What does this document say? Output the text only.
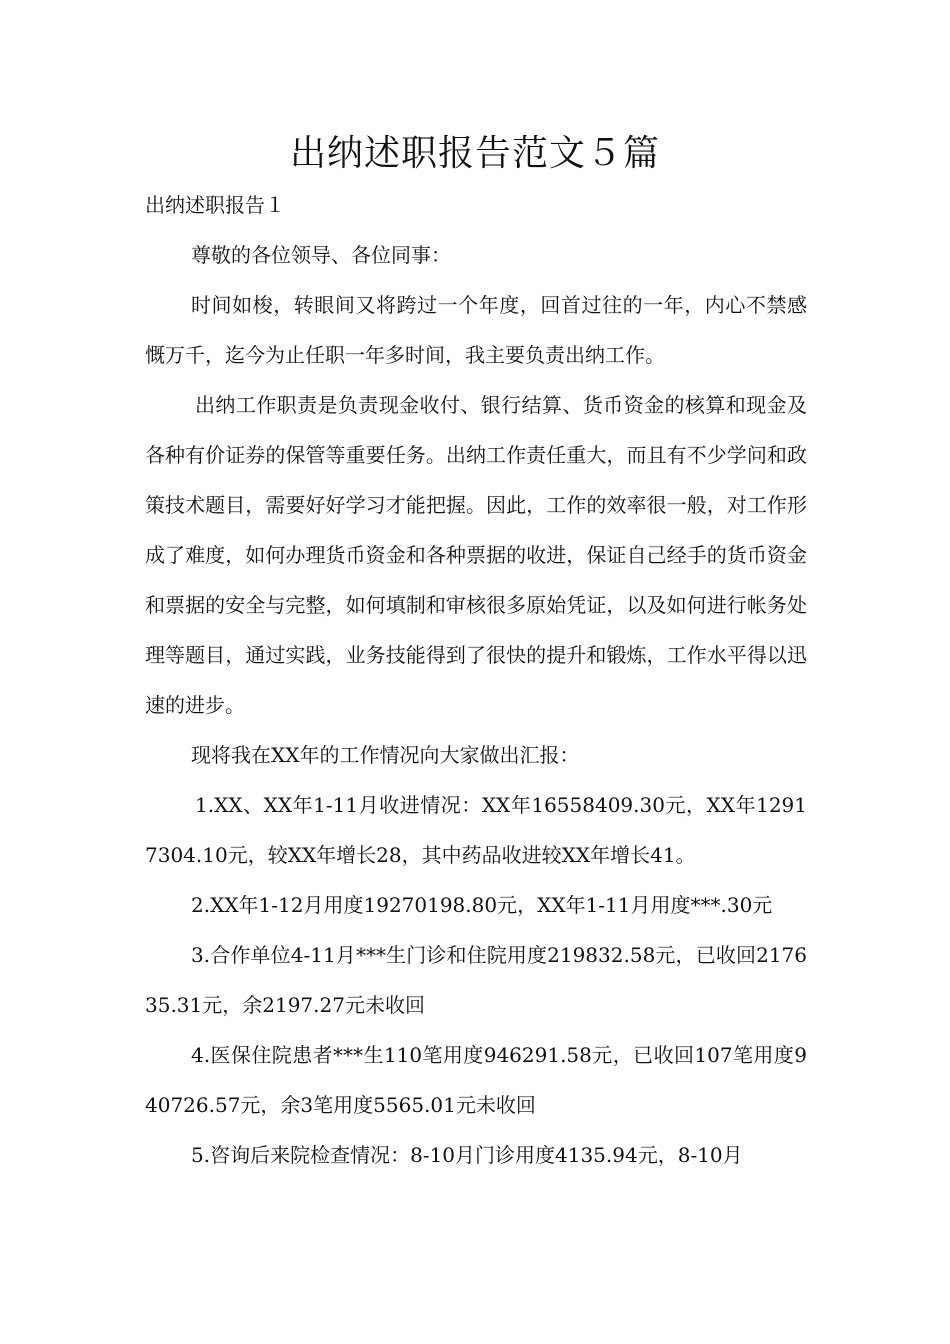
出纳述职报告范文５篇

出纳述职报告１

尊敬的各位领导、各位同事：

时间如梭，转眼间又将跨过一个年度，回首过往的一年，内心不禁感慨万千，迄今为止任职一年多时间，我主要负责出纳工作。

出纳工作职责是负责现金收付、银行结算、货币资金的核算和现金及各种有价证券的保管等重要任务。出纳工作责任重大，而且有不少学问和政策技术题目，需要好好学习才能把握。因此，工作的效率很一般，对工作形成了难度，如何办理货币资金和各种票据的收进，保证自己经手的货币资金和票据的安全与完整，如何填制和审核很多原始凭证，以及如何进行帐务处理等题目，通过实践，业务技能得到了很快的提升和锻炼，工作水平得以迅速的进步。

现将我在XX年的工作情况向大家做出汇报：

1.XX、XX年1-11月收进情况：XX年16558409.30元，XX年12917304.10元，较XX年增长28，其中药品收进较XX年增长41。

2.XX年1-12月用度19270198.80元，XX年1-11月用度***.30元

3.合作单位4-11月***生门诊和住院用度219832.58元，已收回217635.31元，余2197.27元未收回

4.医保住院患者***生110笔用度946291.58元，已收回107笔用度940726.57元，余3笔用度5565.01元未收回

5.咨询后来院检查情况：8-10月门诊用度4135.94元，8-10月
